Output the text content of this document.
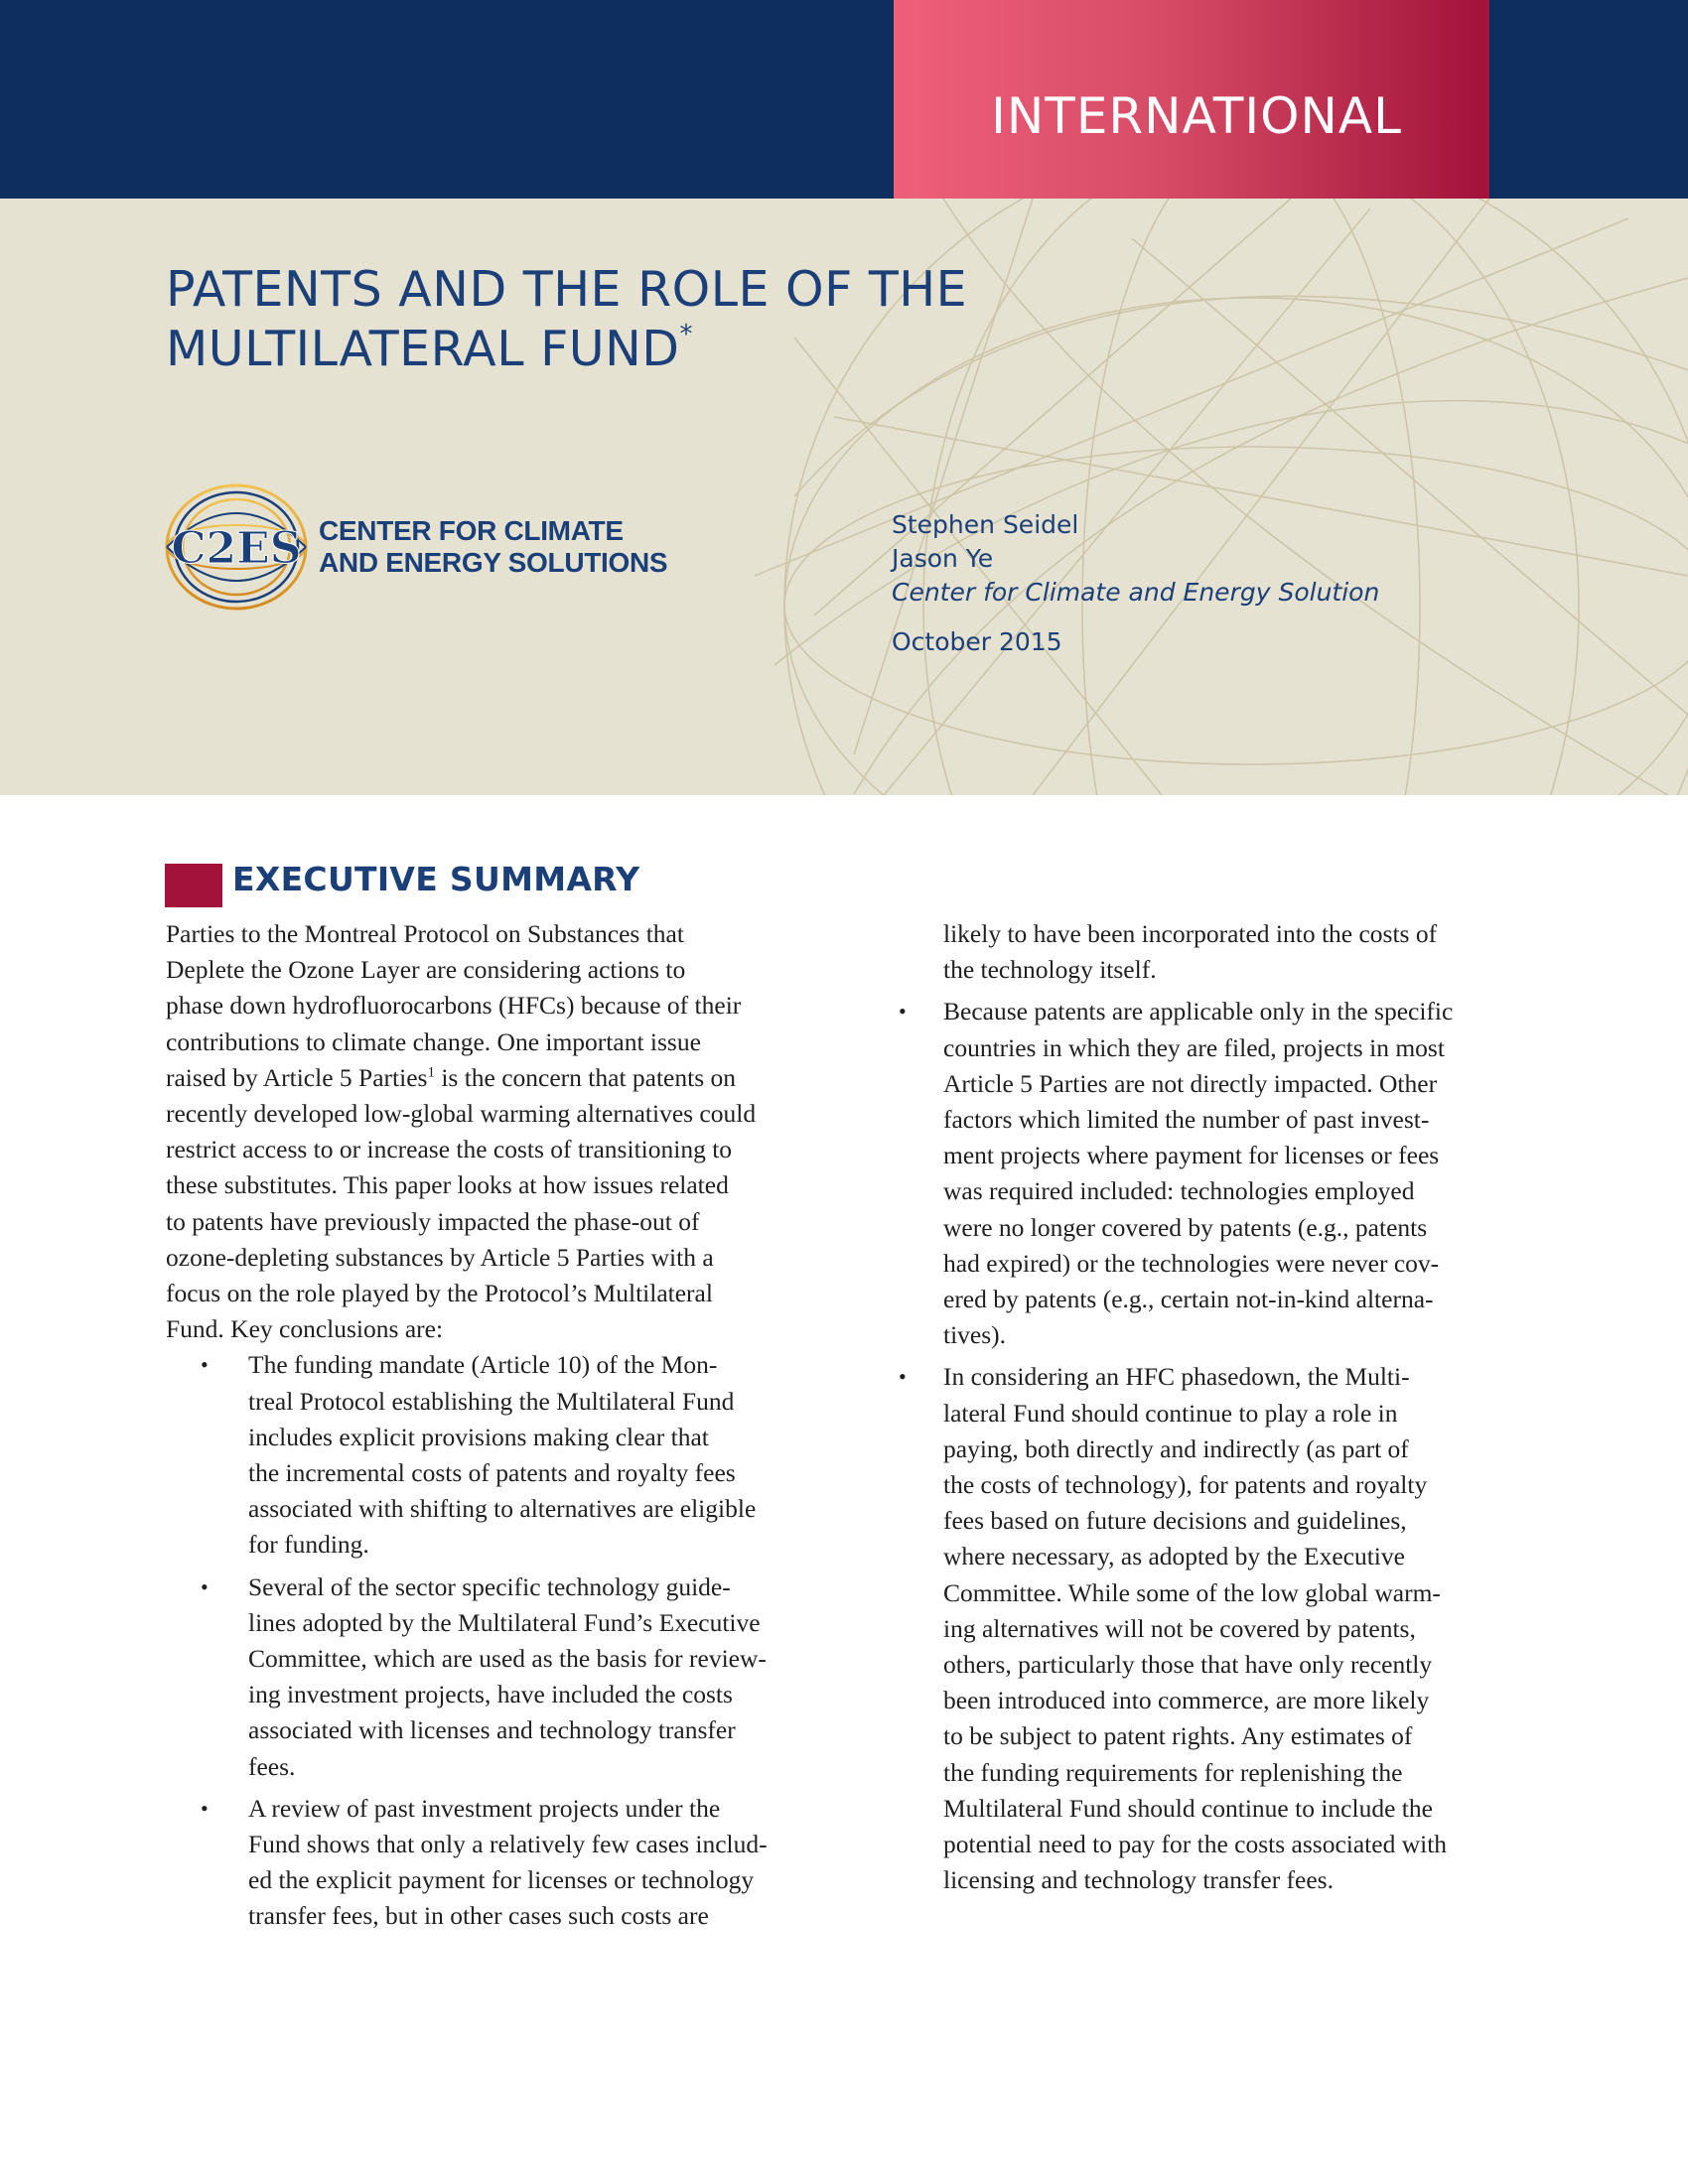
INTERNATIONAL
PATENTS AND THE ROLE OF THE
MULTILATERAL FUND*
C2ES CENTER FOR CLIMATE
AND ENERGY SOLUTIONS
Stephen Seidel
Jason Ye
Center for Climate and Energy Solution
October 2015
EXECUTIVE SUMMARY

Parties to the Montreal Protocol on Substances that
Deplete the Ozone Layer are considering actions to
phase down hydrofluorocarbons (HFCs) because of their
contributions to climate change. One important issue
raised by Article 5 Parties$^1$ is the concern that patents on
recently developed low-global warming alternatives could
restrict access to or increase the costs of transitioning to
these substitutes. This paper looks at how issues related
to patents have previously impacted the phase-out of
ozone-depleting substances by Article 5 Parties with a
focus on the role played by the Protocol’s Multilateral
Fund. Key conclusions are:

• The funding mandate (Article 10) of the Mon-
treal Protocol establishing the Multilateral Fund
includes explicit provisions making clear that
the incremental costs of patents and royalty fees
associated with shifting to alternatives are eligible
for funding.
• Several of the sector specific technology guide-
lines adopted by the Multilateral Fund’s Executive
Committee, which are used as the basis for review-
ing investment projects, have included the costs
associated with licenses and technology transfer
fees.
• A review of past investment projects under the
Fund shows that only a relatively few cases includ-
ed the explicit payment for licenses or technology
transfer fees, but in other cases such costs are
likely to have been incorporated into the costs of
the technology itself.
• Because patents are applicable only in the specific
countries in which they are filed, projects in most
Article 5 Parties are not directly impacted. Other
factors which limited the number of past invest-
ment projects where payment for licenses or fees
was required included: technologies employed
were no longer covered by patents (e.g., patents
had expired) or the technologies were never cov-
ered by patents (e.g., certain not-in-kind alterna-
tives).
• In considering an HFC phasedown, the Multi-
lateral Fund should continue to play a role in
paying, both directly and indirectly (as part of
the costs of technology), for patents and royalty
fees based on future decisions and guidelines,
where necessary, as adopted by the Executive
Committee. While some of the low global warm-
ing alternatives will not be covered by patents,
others, particularly those that have only recently
been introduced into commerce, are more likely
to be subject to patent rights. Any estimates of
the funding requirements for replenishing the
Multilateral Fund should continue to include the
potential need to pay for the costs associated with
licensing and technology transfer fees.
